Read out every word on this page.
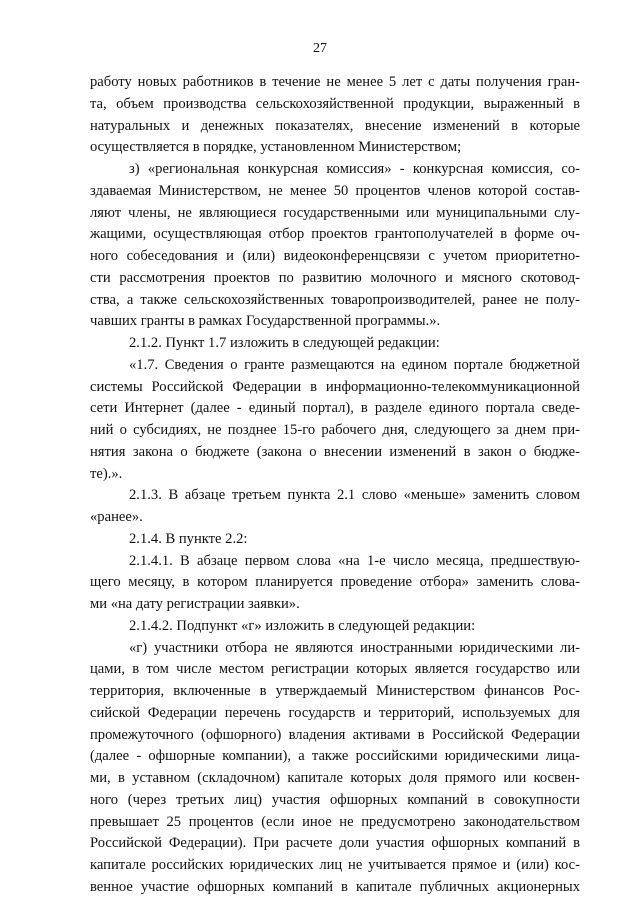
27
работу новых работников в течение не менее 5 лет с даты получения гран-
та, объем производства сельскохозяйственной продукции, выраженный в
натуральных и денежных показателях, внесение изменений в которые
осуществляется в порядке, установленном Министерством;
з) «региональная конкурсная комиссия» - конкурсная комиссия, со-
здаваемая Министерством, не менее 50 процентов членов которой состав-
ляют члены, не являющиеся государственными или муниципальными слу-
жащими, осуществляющая отбор проектов грантополучателей в форме оч-
ного собеседования и (или) видеоконференцсвязи с учетом приоритетно-
сти рассмотрения проектов по развитию молочного и мясного скотовод-
ства, а также сельскохозяйственных товаропроизводителей, ранее не полу-
чавших гранты в рамках Государственной программы.».
2.1.2. Пункт 1.7 изложить в следующей редакции:
«1.7. Сведения о гранте размещаются на едином портале бюджетной
системы Российской Федерации в информационно-телекоммуникационной
сети Интернет (далее - единый портал), в разделе единого портала сведе-
ний о субсидиях, не позднее 15-го рабочего дня, следующего за днем при-
нятия закона о бюджете (закона о внесении изменений в закон о бюдже-
те).».
2.1.3. В абзаце третьем пункта 2.1 слово «меньше» заменить словом
«ранее».
2.1.4. В пункте 2.2:
2.1.4.1. В абзаце первом слова «на 1-е число месяца, предшествую-
щего месяцу, в котором планируется проведение отбора» заменить слова-
ми «на дату регистрации заявки».
2.1.4.2. Подпункт «г» изложить в следующей редакции:
«г) участники отбора не являются иностранными юридическими ли-
цами, в том числе местом регистрации которых является государство или
территория, включенные в утверждаемый Министерством финансов Рос-
сийской Федерации перечень государств и территорий, используемых для
промежуточного (офшорного) владения активами в Российской Федерации
(далее - офшорные компании), а также российскими юридическими лица-
ми, в уставном (складочном) капитале которых доля прямого или косвен-
ного (через третьих лиц) участия офшорных компаний в совокупности
превышает 25 процентов (если иное не предусмотрено законодательством
Российской Федерации). При расчете доли участия офшорных компаний в
капитале российских юридических лиц не учитывается прямое и (или) кос-
венное участие офшорных компаний в капитале публичных акционерных
